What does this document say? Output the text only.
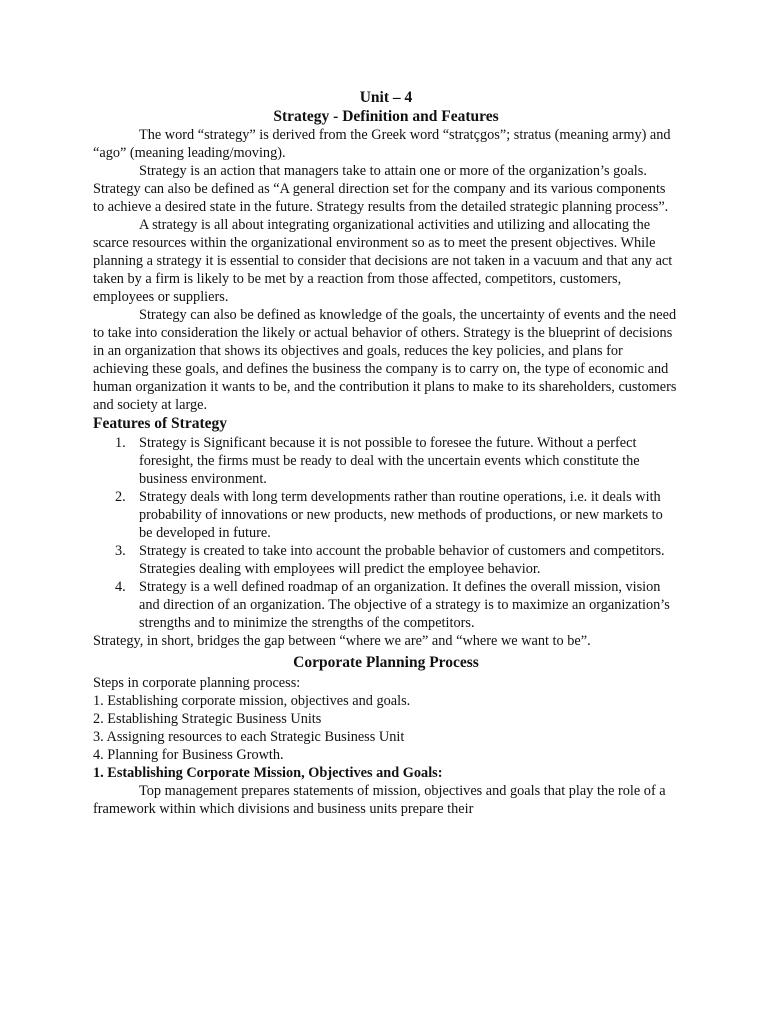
Unit – 4
Strategy - Definition and Features

The word “strategy” is derived from the Greek word “stratçgos”; stratus (meaning army) and “ago” (meaning leading/moving).

Strategy is an action that managers take to attain one or more of the organization’s goals. Strategy can also be defined as “A general direction set for the company and its various components to achieve a desired state in the future. Strategy results from the detailed strategic planning process”.

A strategy is all about integrating organizational activities and utilizing and allocating the scarce resources within the organizational environment so as to meet the present objectives. While planning a strategy it is essential to consider that decisions are not taken in a vacuum and that any act taken by a firm is likely to be met by a reaction from those affected, competitors, customers, employees or suppliers.

Strategy can also be defined as knowledge of the goals, the uncertainty of events and the need to take into consideration the likely or actual behavior of others. Strategy is the blueprint of decisions in an organization that shows its objectives and goals, reduces the key policies, and plans for achieving these goals, and defines the business the company is to carry on, the type of economic and human organization it wants to be, and the contribution it plans to make to its shareholders, customers and society at large.

Features of Strategy
1. Strategy is Significant because it is not possible to foresee the future. Without a perfect foresight, the firms must be ready to deal with the uncertain events which constitute the business environment.
2. Strategy deals with long term developments rather than routine operations, i.e. it deals with probability of innovations or new products, new methods of productions, or new markets to be developed in future.
3. Strategy is created to take into account the probable behavior of customers and competitors. Strategies dealing with employees will predict the employee behavior.
4. Strategy is a well defined roadmap of an organization. It defines the overall mission, vision and direction of an organization. The objective of a strategy is to maximize an organization’s strengths and to minimize the strengths of the competitors.

Strategy, in short, bridges the gap between “where we are” and “where we want to be”.

Corporate Planning Process

Steps in corporate planning process:

1. Establishing corporate mission, objectives and goals.
2. Establishing Strategic Business Units
3. Assigning resources to each Strategic Business Unit
4. Planning for Business Growth.
1. Establishing Corporate Mission, Objectives and Goals:

Top management prepares statements of mission, objectives and goals that play the role of a framework within which divisions and business units prepare their
